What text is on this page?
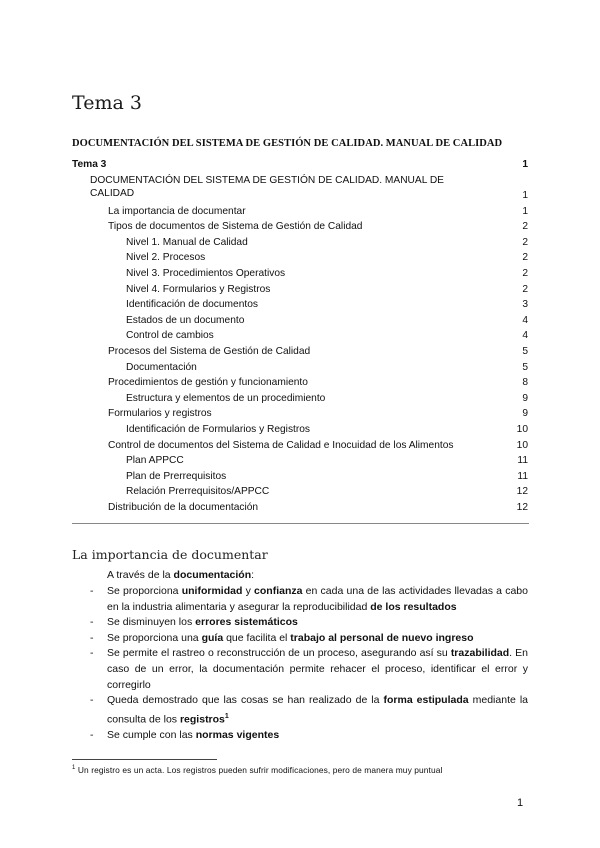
Tema 3
DOCUMENTACIÓN DEL SISTEMA DE GESTIÓN DE CALIDAD. MANUAL DE CALIDAD
Tema 3	1
DOCUMENTACIÓN DEL SISTEMA DE GESTIÓN DE CALIDAD. MANUAL DE CALIDAD	1
La importancia de documentar	1
Tipos de documentos de Sistema de Gestión de Calidad	2
Nivel 1. Manual de Calidad	2
Nivel 2. Procesos	2
Nivel 3. Procedimientos Operativos	2
Nivel 4. Formularios y Registros	2
Identificación de documentos	3
Estados de un documento	4
Control de cambios	4
Procesos del Sistema de Gestión de Calidad	5
Documentación	5
Procedimientos de gestión y funcionamiento	8
Estructura y elementos de un procedimiento	9
Formularios y registros	9
Identificación de Formularios y Registros	10
Control de documentos del Sistema de Calidad e Inocuidad de los Alimentos	10
Plan APPCC	11
Plan de Prerrequisitos	11
Relación Prerrequisitos/APPCC	12
Distribución de la documentación	12
La importancia de documentar
A través de la documentación:
- Se proporciona uniformidad y confianza en cada una de las actividades llevadas a cabo en la industria alimentaria y asegurar la reproducibilidad de los resultados
- Se disminuyen los errores sistemáticos
- Se proporciona una guía que facilita el trabajo al personal de nuevo ingreso
- Se permite el rastreo o reconstrucción de un proceso, asegurando así su trazabilidad. En caso de un error, la documentación permite rehacer el proceso, identificar el error y corregirlo
- Queda demostrado que las cosas se han realizado de la forma estipulada mediante la consulta de los registros$^1$
- Se cumple con las normas vigentes
$^1$ Un registro es un acta. Los registros pueden sufrir modificaciones, pero de manera muy puntual
1
